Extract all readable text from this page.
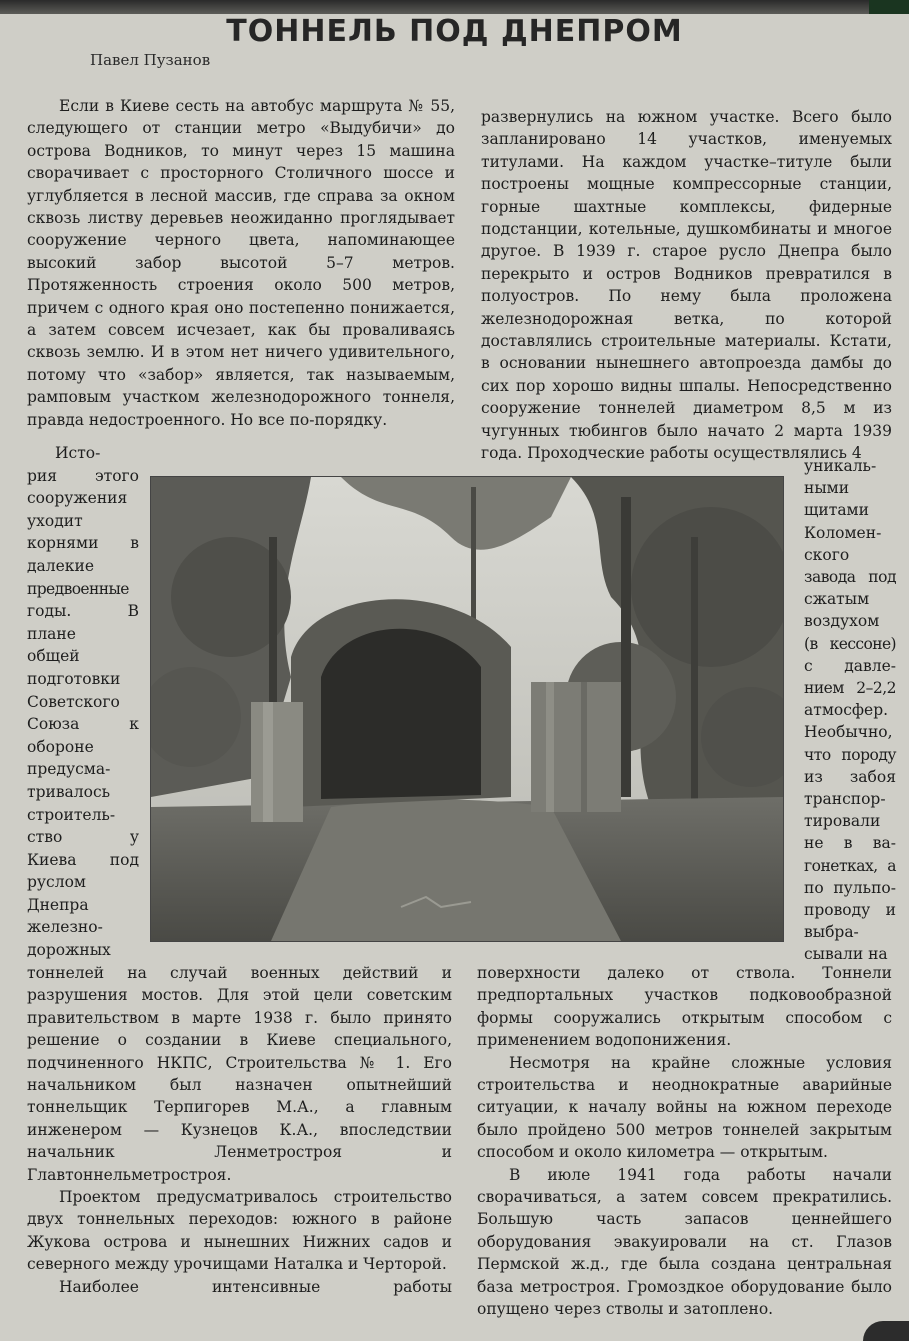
ТОННЕЛЬ ПОД ДНЕПРОМ
Павел Пузанов

Если в Киеве сесть на автобус маршрута № 55, следующего от станции метро «Выдубичи» до острова Водников, то минут через 15 машина сворачивает с просторного Столичного шоссе и углубляется в лесной массив, где справа за окном сквозь листву деревьев неожиданно проглядывает сооружение черного цвета, напоминающее высокий забор высотой 5–7 метров. Протяженность строения около 500 метров, причем с одного края оно постепенно понижается, а затем совсем исчезает, как бы проваливаясь сквозь землю. И в этом нет ничего удивительного, потому что «забор» является, так называемым, рамповым участком железнодорожного тоннеля, правда недостроенного. Но все по-порядку.

развернулись на южном участке. Всего было запланировано 14 участков, именуемых титулами. На каждом участке–титуле были построены мощные компрессорные станции, горные шахтные комплексы, фидерные подстанции, котельные, душкомбинаты и многое другое. В 1939 г. старое русло Днепра было перекрыто и остров Водников превратился в полуостров. По нему была проложена железнодорожная ветка, по которой доставлялись строительные материалы. Кстати, в основании нынешнего автопроезда дамбы до сих пор хорошо видны шпалы. Непосредственно сооружение тоннелей диаметром 8,5 м из чугунных тюбингов было начато 2 марта 1939 года. Проходческие работы осуществлялись 4

Исто-
рия этого
сооружения
уходит
корнями в
далекие
предвоенные
годы. В
плане
общей
подготовки
Советского
Союза к
обороне
предусма-
тривалось
строитель-
ство у
Киева под
руслом
Днепра
железно-
дорожных
уникаль-
ными
щитами
Коломен-
ского
завода под
сжатым
воздухом
(в кессоне)
с давле-
нием 2–2,2
атмосфер.
Необычно,
что породу
из забоя
транспор-
тировали
не в ва-
гонетках, а
по пульпо-
проводу и
выбра-
сывали на

тоннелей на случай военных действий и разрушения мостов. Для этой цели советским правительством в марте 1938 г. было принято решение о создании в Киеве специального, подчиненного НКПС, Строительства № 1. Его начальником был назначен опытнейший тоннельщик Терпигорев М.А., а главным инженером — Кузнецов К.А., впоследствии начальник Ленметростроя и Главтоннельметростроя.

Проектом предусматривалось строительство двух тоннельных переходов: южного в районе Жукова острова и нынешних Нижних садов и северного между урочищами Наталка и Черторой.

Наиболее интенсивные работы

поверхности далеко от ствола. Тоннели предпортальных участков подковообразной формы сооружались открытым способом с применением водопонижения.

Несмотря на крайне сложные условия строительства и неоднократные аварийные ситуации, к началу войны на южном переходе было пройдено 500 метров тоннелей закрытым способом и около километра — открытым.

В июле 1941 года работы начали сворачиваться, а затем совсем прекратились. Большую часть запасов ценнейшего оборудования эвакуировали на ст. Глазов Пермской ж.д., где была создана центральная база метростроя. Громоздкое оборудование было опущено через стволы и затоплено.
